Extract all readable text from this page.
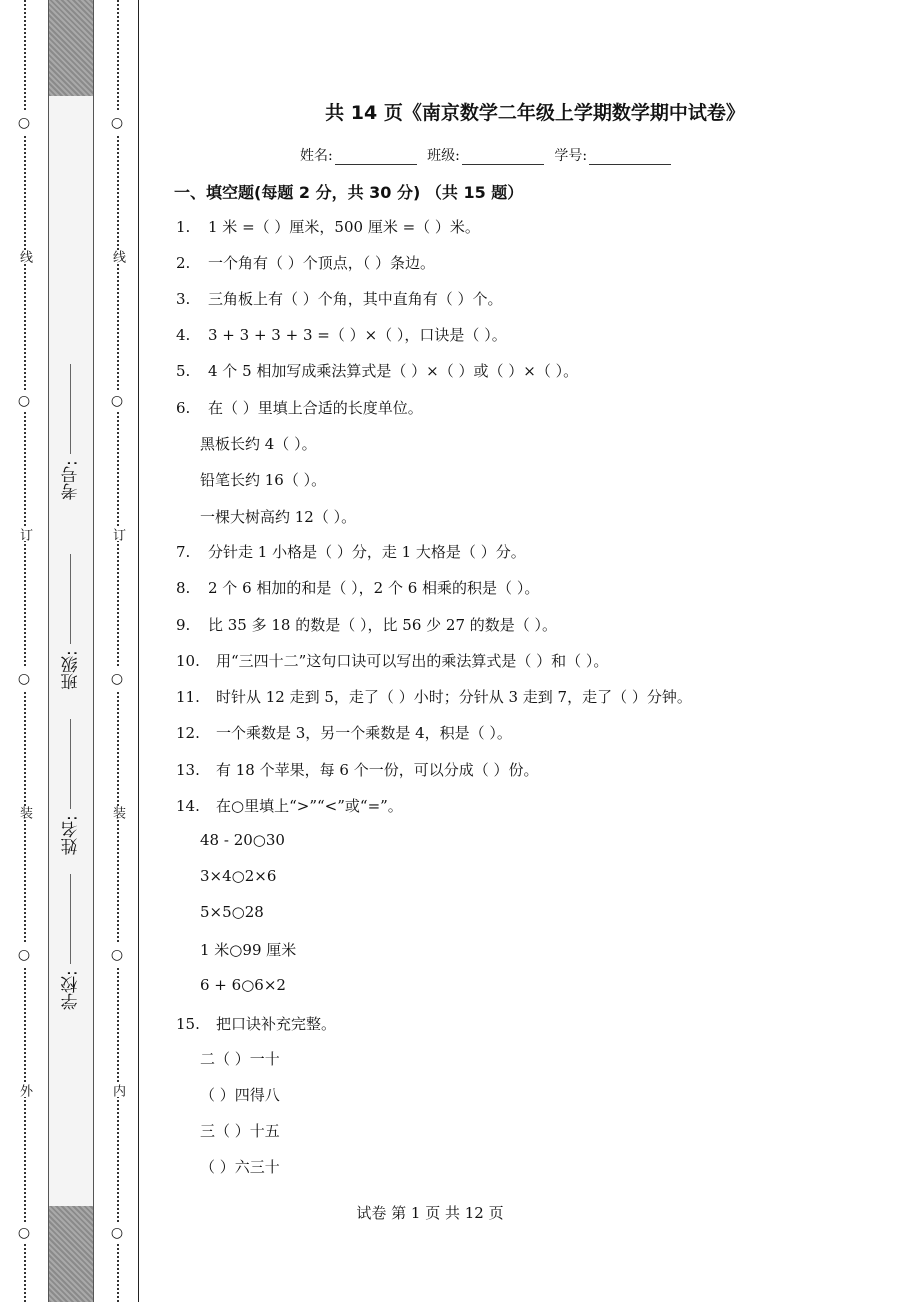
○
线
○
订
○
装
○
外
○
考号:
班级:
姓名:
学校:
○
线
○
订
○
装
○
内
○
共 14 页《南京数学二年级上学期数学期中试卷》
姓名:	班级:	学号:
一、填空题(每题 2 分，共 30 分) （共 15 题）
1. 1 米 =（ ）厘米，500 厘米 =（ ）米。
2. 一个角有（ ）个顶点，（ ）条边。
3. 三角板上有（ ）个角，其中直角有（ ）个。
4. 3 + 3 + 3 + 3 =（ ）×（ ），口诀是（ ）。
5. 4 个 5 相加写成乘法算式是（ ）×（ ）或（ ）×（ ）。
6. 在（ ）里填上合适的长度单位。
黑板长约 4（ ）。
铅笔长约 16（ ）。
一棵大树高约 12（ ）。
7. 分针走 1 小格是（ ）分，走 1 大格是（ ）分。
8. 2 个 6 相加的和是（ ），2 个 6 相乘的积是（ ）。
9. 比 35 多 18 的数是（ ），比 56 少 27 的数是（ ）。
10. 用“三四十二”这句口诀可以写出的乘法算式是（ ）和（ ）。
11. 时针从 12 走到 5，走了（ ）小时；分针从 3 走到 7，走了（ ）分钟。
12. 一个乘数是 3，另一个乘数是 4，积是（ ）。
13. 有 18 个苹果，每 6 个一份，可以分成（ ）份。
14. 在○里填上“>”“<”或“=”。
48 - 20○30
3×4○2×6
5×5○28
1 米○99 厘米
6 + 6○6×2
15. 把口诀补充完整。
二（ ）一十
（ ）四得八
三（ ）十五
（ ）六三十
试卷 第 1 页 共 12 页
